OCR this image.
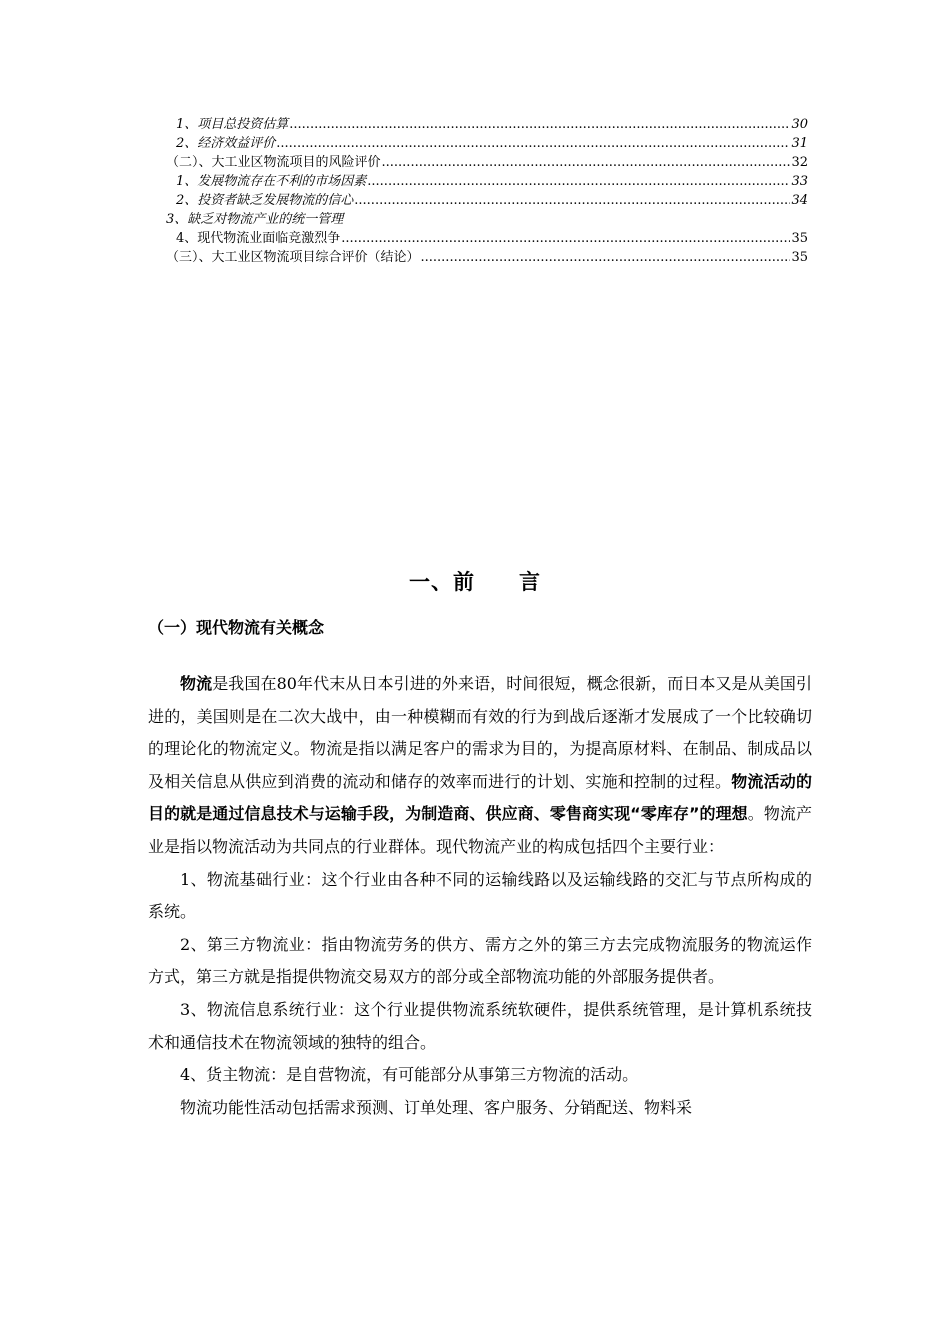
1、项目总投资估算 .....	30
2、经济效益评价 .....	31
（二）、大工业区物流项目的风险评价 .....	32
1、发展物流存在不利的市场因素 .....	33
2、投资者缺乏发展物流的信心 .....	34
3、缺乏对物流产业的统一管理
4、现代物流业面临竞激烈争 .....	35
（三）、大工业区物流项目综合评价（结论） .....	35
一、前 言
（一）现代物流有关概念

物流是我国在80年代末从日本引进的外来语，时间很短，概念很新，而日本又是从美国引进的，美国则是在二次大战中，由一种模糊而有效的行为到战后逐渐才发展成了一个比较确切的理论化的物流定义。物流是指以满足客户的需求为目的，为提高原材料、在制品、制成品以及相关信息从供应到消费的流动和储存的效率而进行的计划、实施和控制的过程。物流活动的目的就是通过信息技术与运输手段，为制造商、供应商、零售商实现“零库存”的理想。物流产业是指以物流活动为共同点的行业群体。现代物流产业的构成包括四个主要行业：

1、物流基础行业：这个行业由各种不同的运输线路以及运输线路的交汇与节点所构成的系统。

2、第三方物流业：指由物流劳务的供方、需方之外的第三方去完成物流服务的物流运作方式，第三方就是指提供物流交易双方的部分或全部物流功能的外部服务提供者。

3、物流信息系统行业：这个行业提供物流系统软硬件，提供系统管理，是计算机系统技术和通信技术在物流领域的独特的组合。

4、货主物流：是自营物流，有可能部分从事第三方物流的活动。

物流功能性活动包括需求预测、订单处理、客户服务、分销配送、物料采
